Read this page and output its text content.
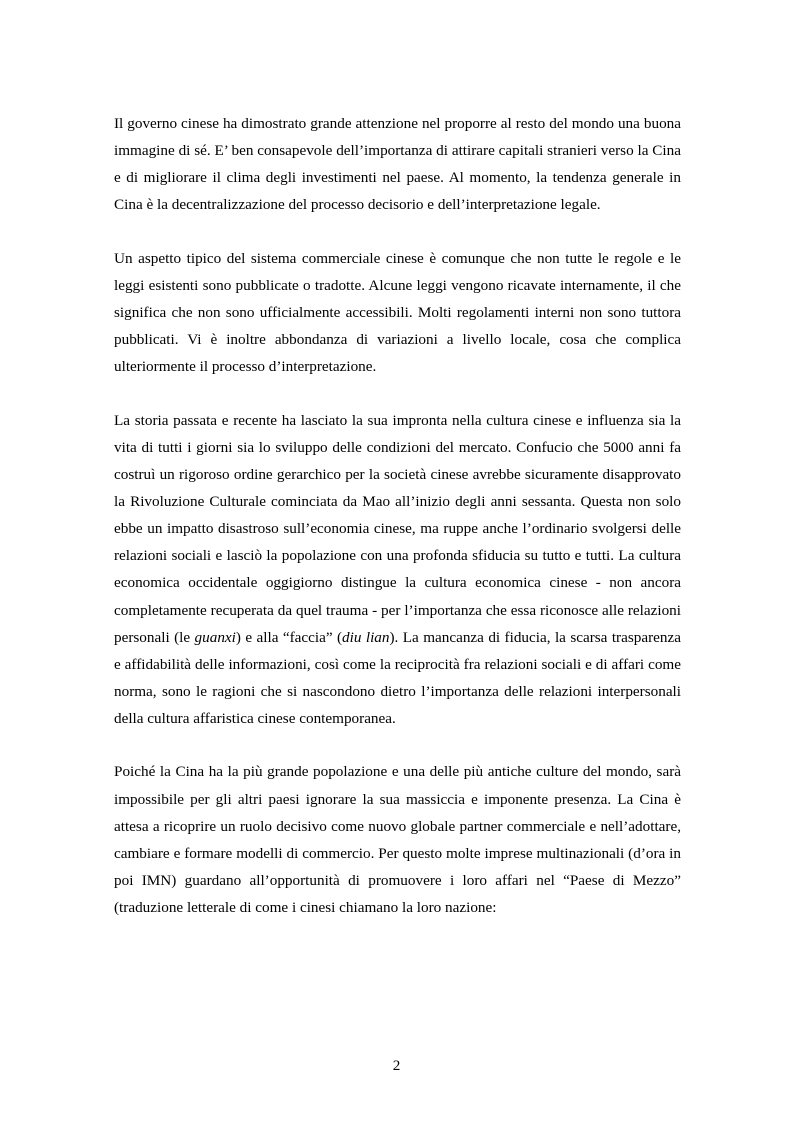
Il governo cinese ha dimostrato grande attenzione nel proporre al resto del mondo una buona immagine di sé. E’ ben consapevole dell’importanza di attirare capitali stranieri verso la Cina e di migliorare il clima degli investimenti nel paese. Al momento, la tendenza generale in Cina è la decentralizzazione del processo decisorio e dell’interpretazione legale.

Un aspetto tipico del sistema commerciale cinese è comunque che non tutte le regole e le leggi esistenti sono pubblicate o tradotte. Alcune leggi vengono ricavate internamente, il che significa che non sono ufficialmente accessibili. Molti regolamenti interni non sono tuttora pubblicati. Vi è inoltre abbondanza di variazioni a livello locale, cosa che complica ulteriormente il processo d’interpretazione.

La storia passata e recente ha lasciato la sua impronta nella cultura cinese e influenza sia la vita di tutti i giorni sia lo sviluppo delle condizioni del mercato. Confucio che 5000 anni fa costruì un rigoroso ordine gerarchico per la società cinese avrebbe sicuramente disapprovato la Rivoluzione Culturale cominciata da Mao all’inizio degli anni sessanta. Questa non solo ebbe un impatto disastroso sull’economia cinese, ma ruppe anche l’ordinario svolgersi delle relazioni sociali e lasciò la popolazione con una profonda sfiducia su tutto e tutti. La cultura economica occidentale oggigiorno distingue la cultura economica cinese - non ancora completamente recuperata da quel trauma - per l’importanza che essa riconosce alle relazioni personali (le guanxi) e alla “faccia” (diu lian). La mancanza di fiducia, la scarsa trasparenza e affidabilità delle informazioni, così come la reciprocità fra relazioni sociali e di affari come norma, sono le ragioni che si nascondono dietro l’importanza delle relazioni interpersonali della cultura affaristica cinese contemporanea.

Poiché la Cina ha la più grande popolazione e una delle più antiche culture del mondo, sarà impossibile per gli altri paesi ignorare la sua massiccia e imponente presenza. La Cina è attesa a ricoprire un ruolo decisivo come nuovo globale partner commerciale e nell’adottare, cambiare e formare modelli di commercio. Per questo molte imprese multinazionali (d’ora in poi IMN) guardano all’opportunità di promuovere i loro affari nel “Paese di Mezzo” (traduzione letterale di come i cinesi chiamano la loro nazione:

2
